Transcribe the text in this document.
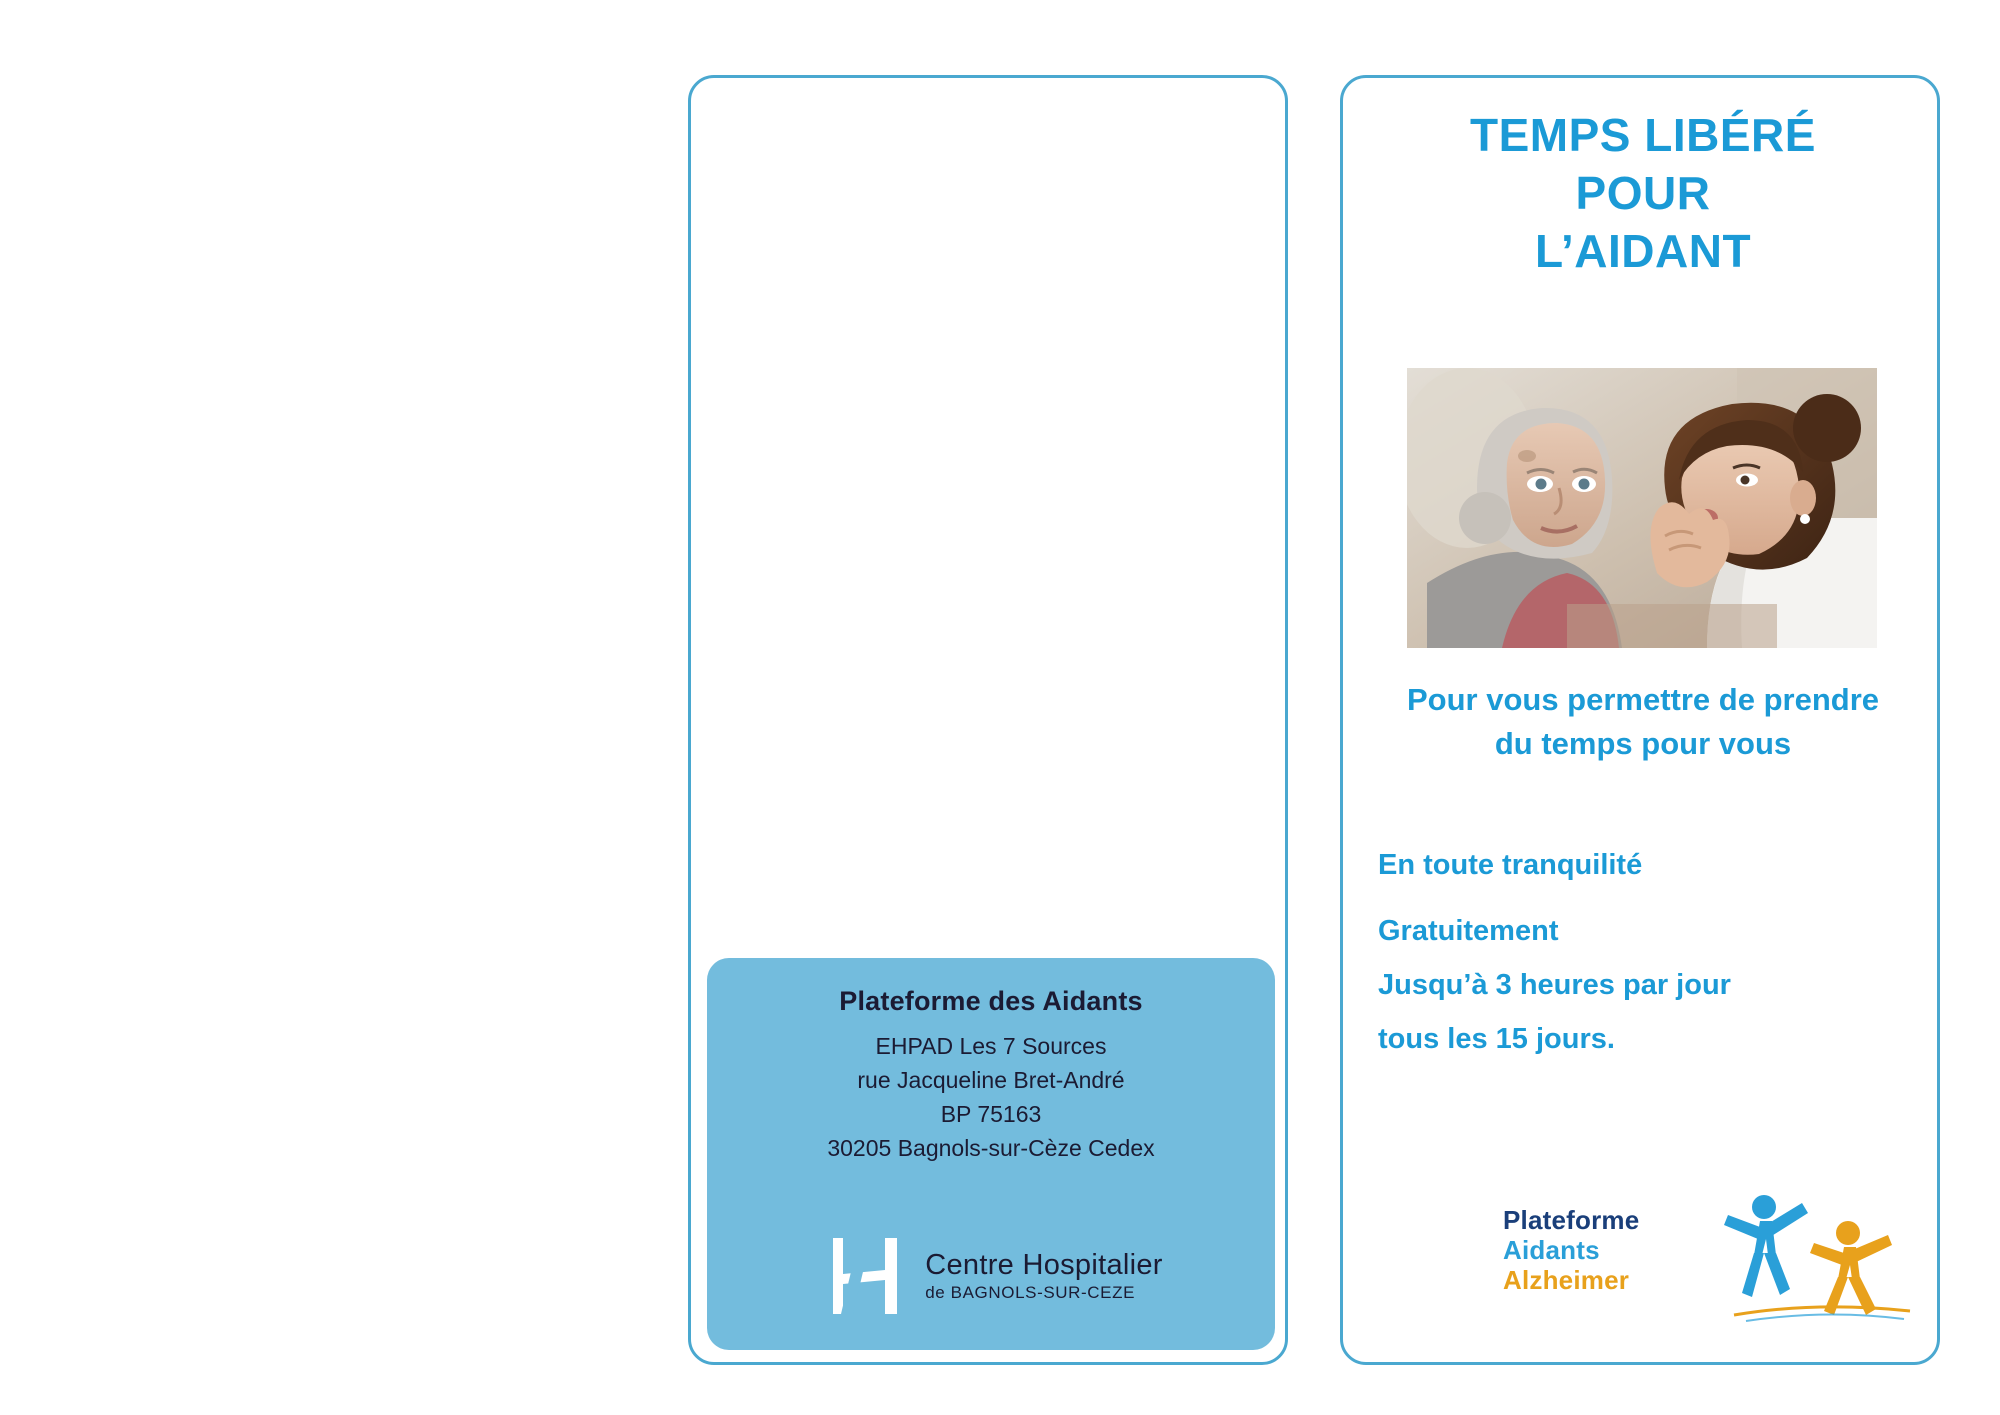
Plateforme des Aidants
EHPAD Les 7 Sources
rue Jacqueline Bret-André
BP 75163
30205 Bagnols-sur-Cèze Cedex
Centre Hospitalier
de BAGNOLS-SUR-CEZE
TEMPS LIBÉRÉ
POUR
L’AIDANT
Pour vous permettre de prendre
du temps pour vous
En toute tranquilité
Gratuitement
Jusqu’à 3 heures par jour
tous les 15 jours.
Plateforme
Aidants
Alzheimer
